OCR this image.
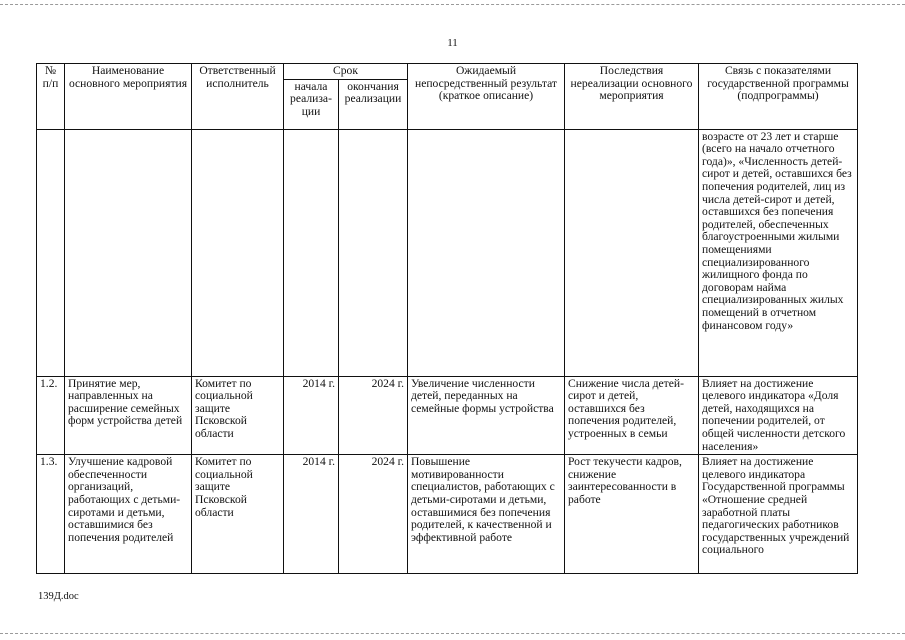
11
№ п/п	Наименование основного мероприятия	Ответственный исполнитель	Срок		Ожидаемый непосредственный результат (краткое описание)	Последствия нереализации основного мероприятия	Связь с показателями государственной программы (подпрограммы)
			начала реализа-ции	окончания реализации			
							возрасте от 23 лет и старше (всего на начало отчетного года)», «Численность детей-сирот и детей, оставшихся без попечения родителей, лиц из числа детей-сирот и детей, оставшихся без попечения родителей, обеспеченных благоустроенными жилыми помещениями специализированного жилищного фонда по договорам найма специализированных жилых помещений в отчетном финансовом году»
1.2.	Принятие мер, направленных на расширение семейных форм устройства детей	Комитет по социальной защите Псковской области	2014 г.	2024 г.	Увеличение численности детей, переданных на семейные формы устройства	Снижение числа детей-сирот и детей, оставшихся без попечения родителей, устроенных в семьи	Влияет на достижение целевого индикатора «Доля детей, находящихся на попечении родителей, от общей численности детского населения»
1.3.	Улучшение кадровой обеспеченности организаций, работающих с детьми-сиротами и детьми, оставшимися без попечения родителей	Комитет по социальной защите Псковской области	2014 г.	2024 г.	Повышение мотивированности специалистов, работающих с детьми-сиротами и детьми, оставшимися без попечения родителей, к качественной и эффективной работе	Рост текучести кадров, снижение заинтересованности в работе	Влияет на достижение целевого индикатора Государственной программы «Отношение средней заработной платы педагогических работников государственных учреждений социального
139Д.doc
